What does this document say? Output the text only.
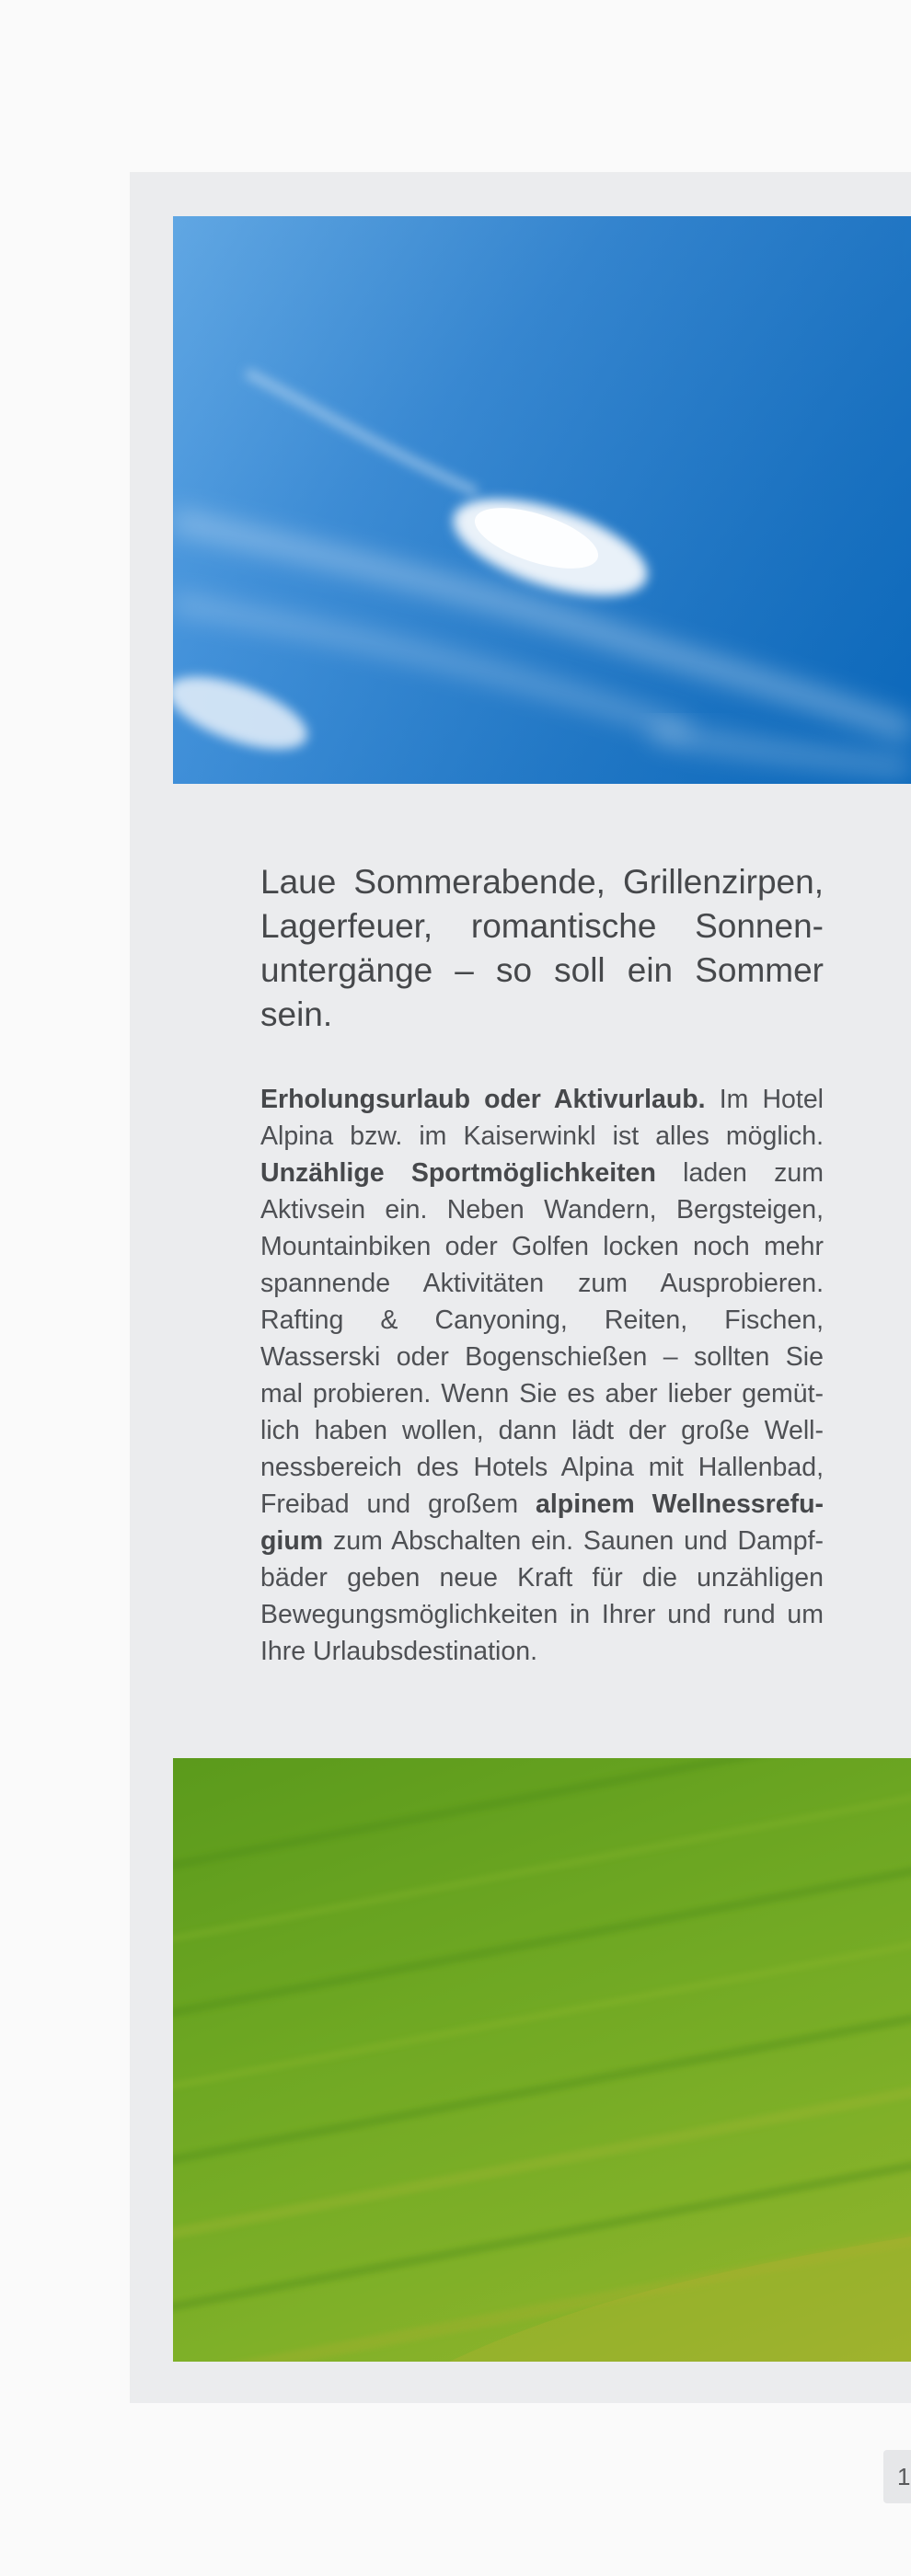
Laue Sommerabende, Grillenzirpen, Lagerfeuer, romantische Sonnenuntergänge – so soll ein Sommer sein.

Erholungsurlaub oder Aktivurlaub. Im Hotel Alpina bzw. im Kaiserwinkl ist alles möglich. Unzählige Sportmöglichkeiten laden zum Aktivsein ein. Neben Wandern, Bergsteigen, Mountainbiken oder Golfen locken noch mehr spannende Aktivitäten zum Ausprobieren. Rafting & Canyoning, Reiten, Fischen, Wasserski oder Bogenschießen – sollten Sie mal probieren. Wenn Sie es aber lieber gemütlich haben wollen, dann lädt der große Wellnessbereich des Hotels Alpina mit Hallenbad, Freibad und großem alpinem Wellnessrefugium zum Abschalten ein. Saunen und Dampfbäder geben neue Kraft für die unzähligen Bewegungsmöglichkeiten in Ihrer und rund um Ihre Urlaubsdestination.

1
